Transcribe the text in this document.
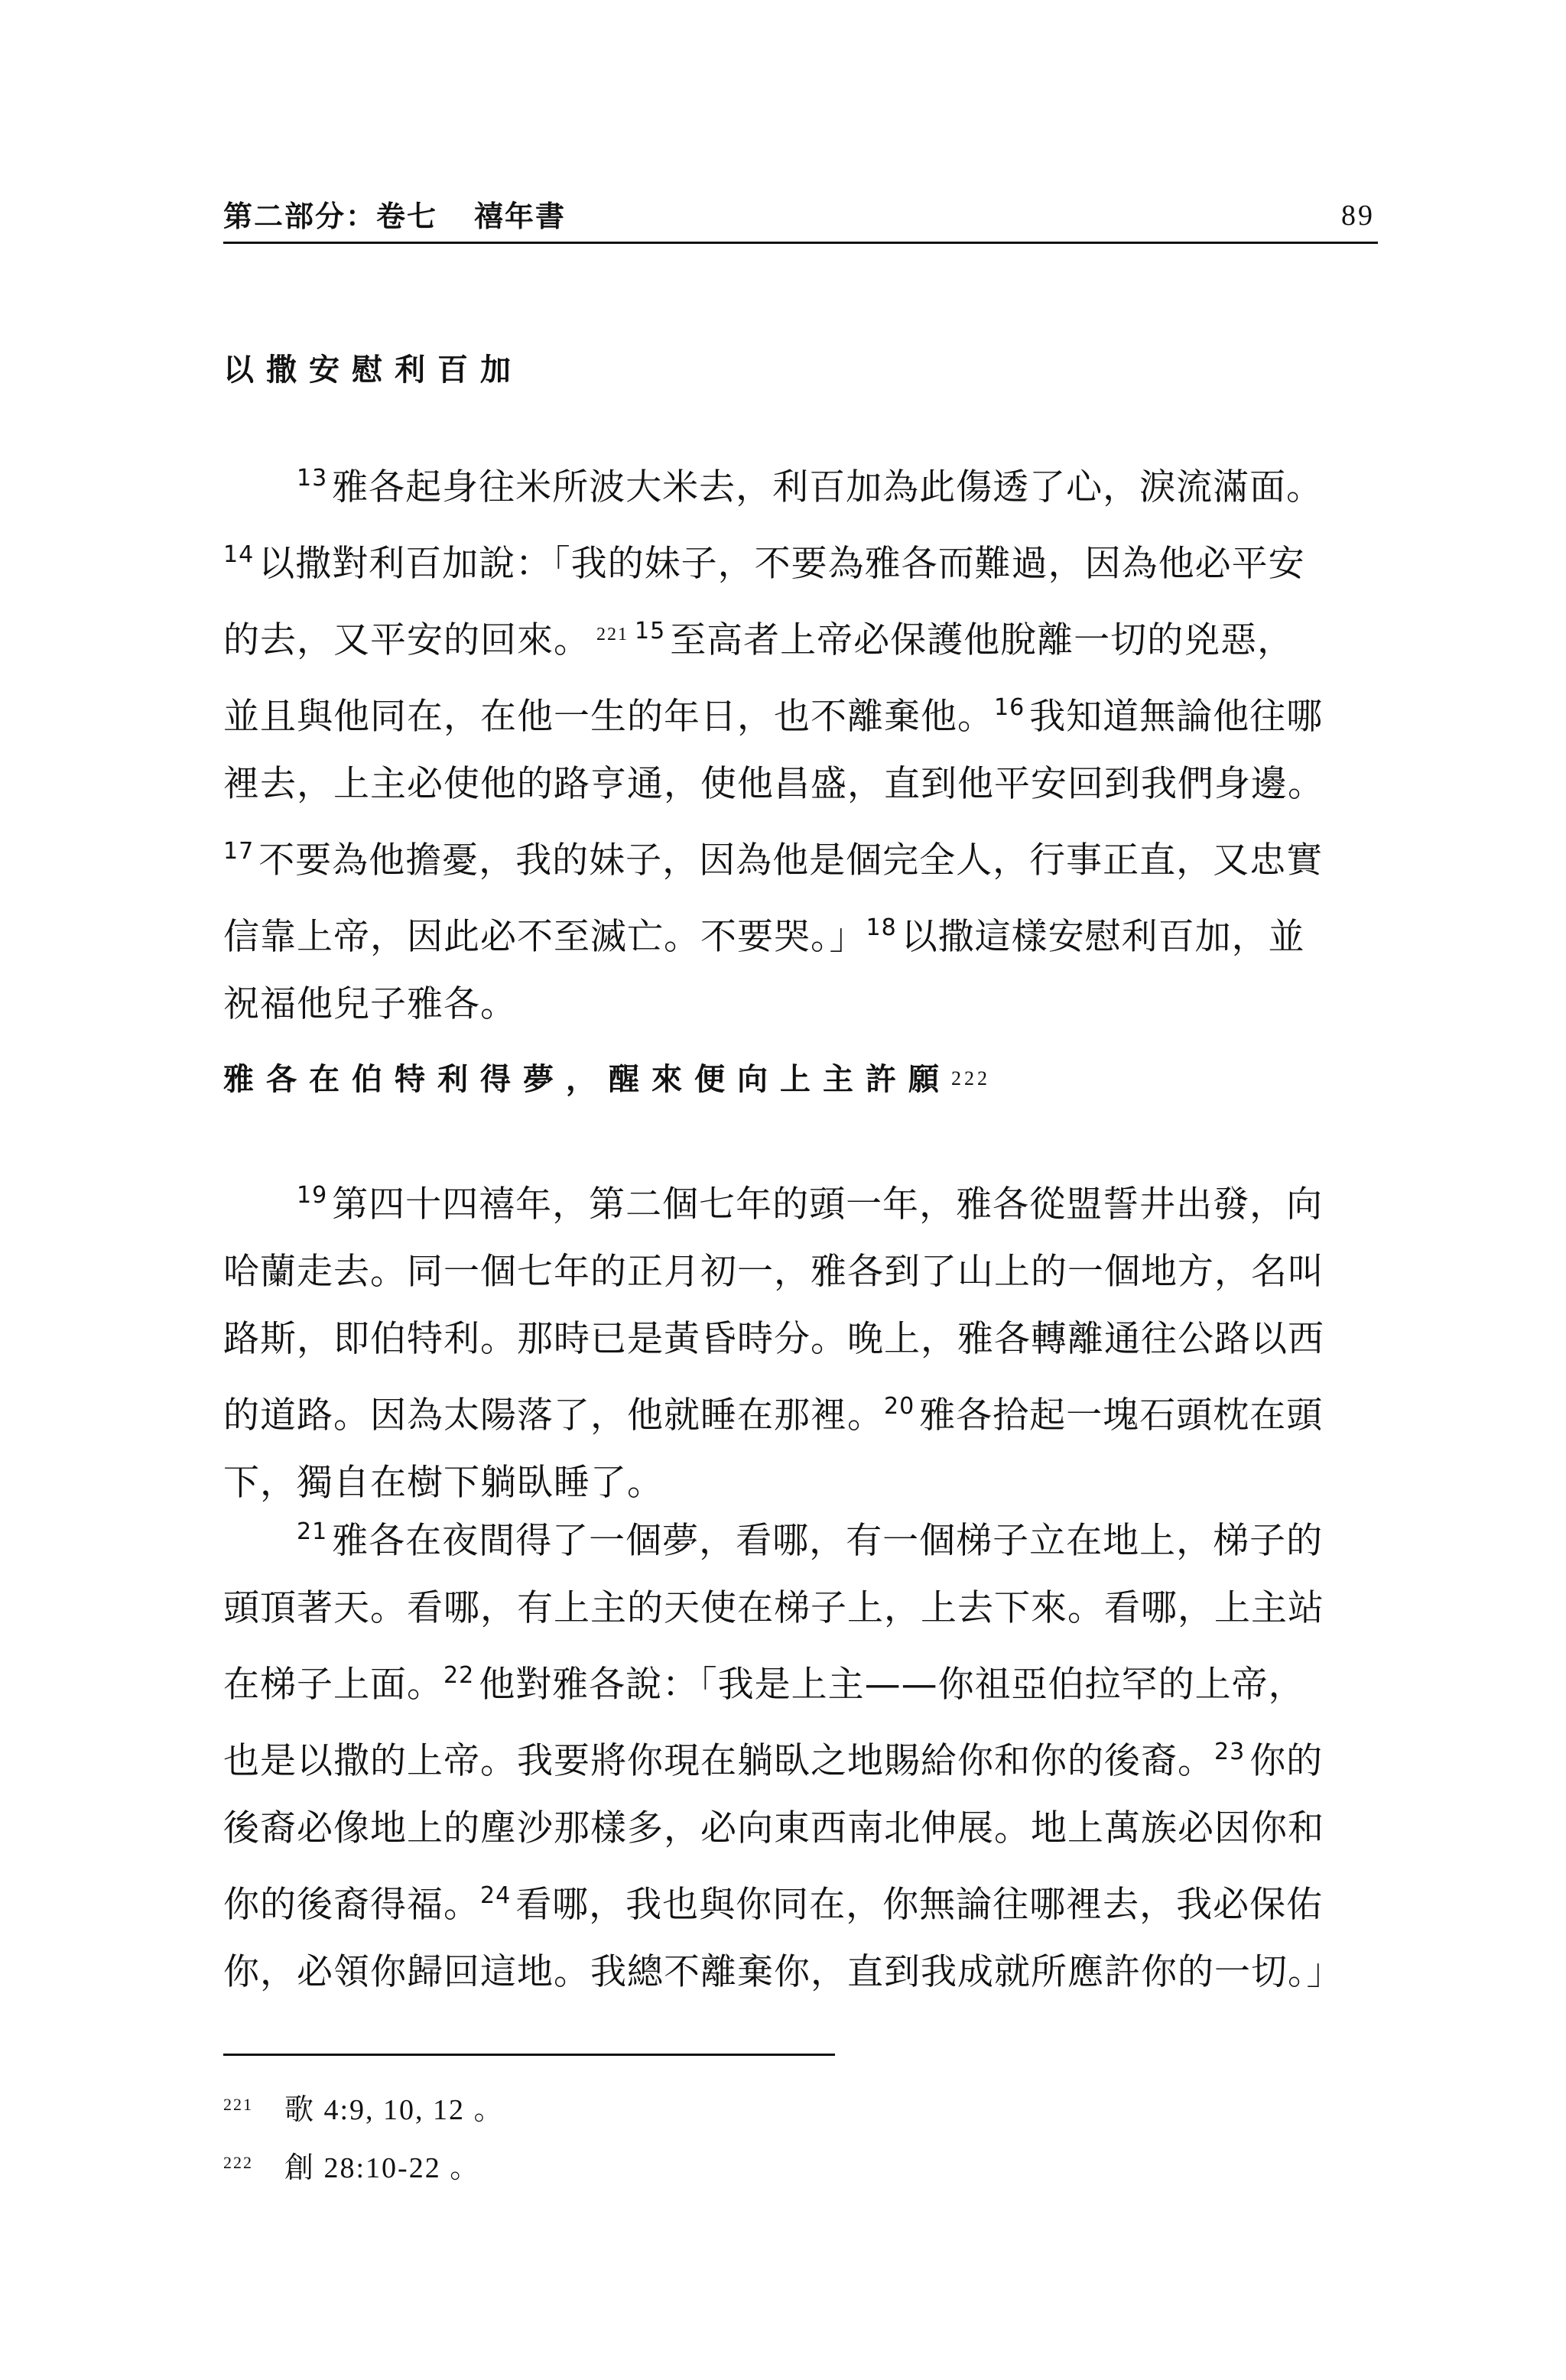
第二部分：卷七 禧年書	89
以撒安慰利百加
$^{13}$ 雅各起身往米所波大米去，利百加為此傷透了心，淚流滿面。
$^{14}$ 以撒對利百加說：「我的妹子，不要為雅各而難過，因為他必平安
的去，又平安的回來。 $^{221}$ $^{15}$ 至高者上帝必保護他脫離一切的兇惡，
並且與他同在，在他一生的年日，也不離棄他。$^{16}$ 我知道無論他往哪
裡去，上主必使他的路亨通，使他昌盛，直到他平安回到我們身邊。
$^{17}$ 不要為他擔憂，我的妹子，因為他是個完全人，行事正直，又忠實
信靠上帝，因此必不至滅亡。不要哭。」$^{18}$ 以撒這樣安慰利百加，並
祝福他兒子雅各。
雅各在伯特利得夢，醒來便向上主許願222
$^{19}$ 第四十四禧年，第二個七年的頭一年，雅各從盟誓井出發，向
哈蘭走去。同一個七年的正月初一，雅各到了山上的一個地方，名叫
路斯，即伯特利。那時已是黃昏時分。晚上，雅各轉離通往公路以西
的道路。因為太陽落了，他就睡在那裡。$^{20}$ 雅各拾起一塊石頭枕在頭
下，獨自在樹下躺臥睡了。
$^{21}$ 雅各在夜間得了一個夢，看哪，有一個梯子立在地上，梯子的
頭頂著天。看哪，有上主的天使在梯子上，上去下來。看哪，上主站
在梯子上面。$^{22}$ 他對雅各說：「我是上主——你祖亞伯拉罕的上帝，
也是以撒的上帝。我要將你現在躺臥之地賜給你和你的後裔。$^{23}$ 你的
後裔必像地上的塵沙那樣多，必向東西南北伸展。地上萬族必因你和
你的後裔得福。$^{24}$ 看哪，我也與你同在，你無論往哪裡去，我必保佑
你，必領你歸回這地。我總不離棄你，直到我成就所應許你的一切。」
221 歌 4:9, 10, 12 。
222 創 28:10-22 。
